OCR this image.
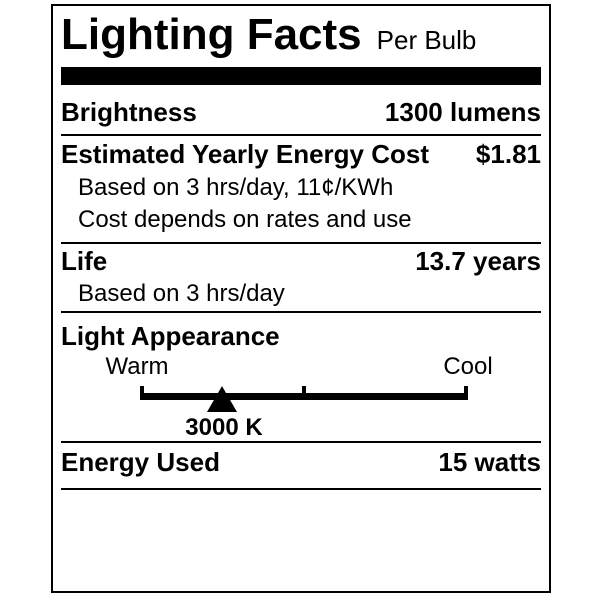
Lighting Facts Per Bulb
Brightness	1300 lumens
Estimated Yearly Energy Cost $1.81
Based on 3 hrs/day, 11¢/KWh
Cost depends on rates and use
Life	13.7 years
Based on 3 hrs/day
Light Appearance
Warm	Cool
3000 K
Energy Used	15 watts
